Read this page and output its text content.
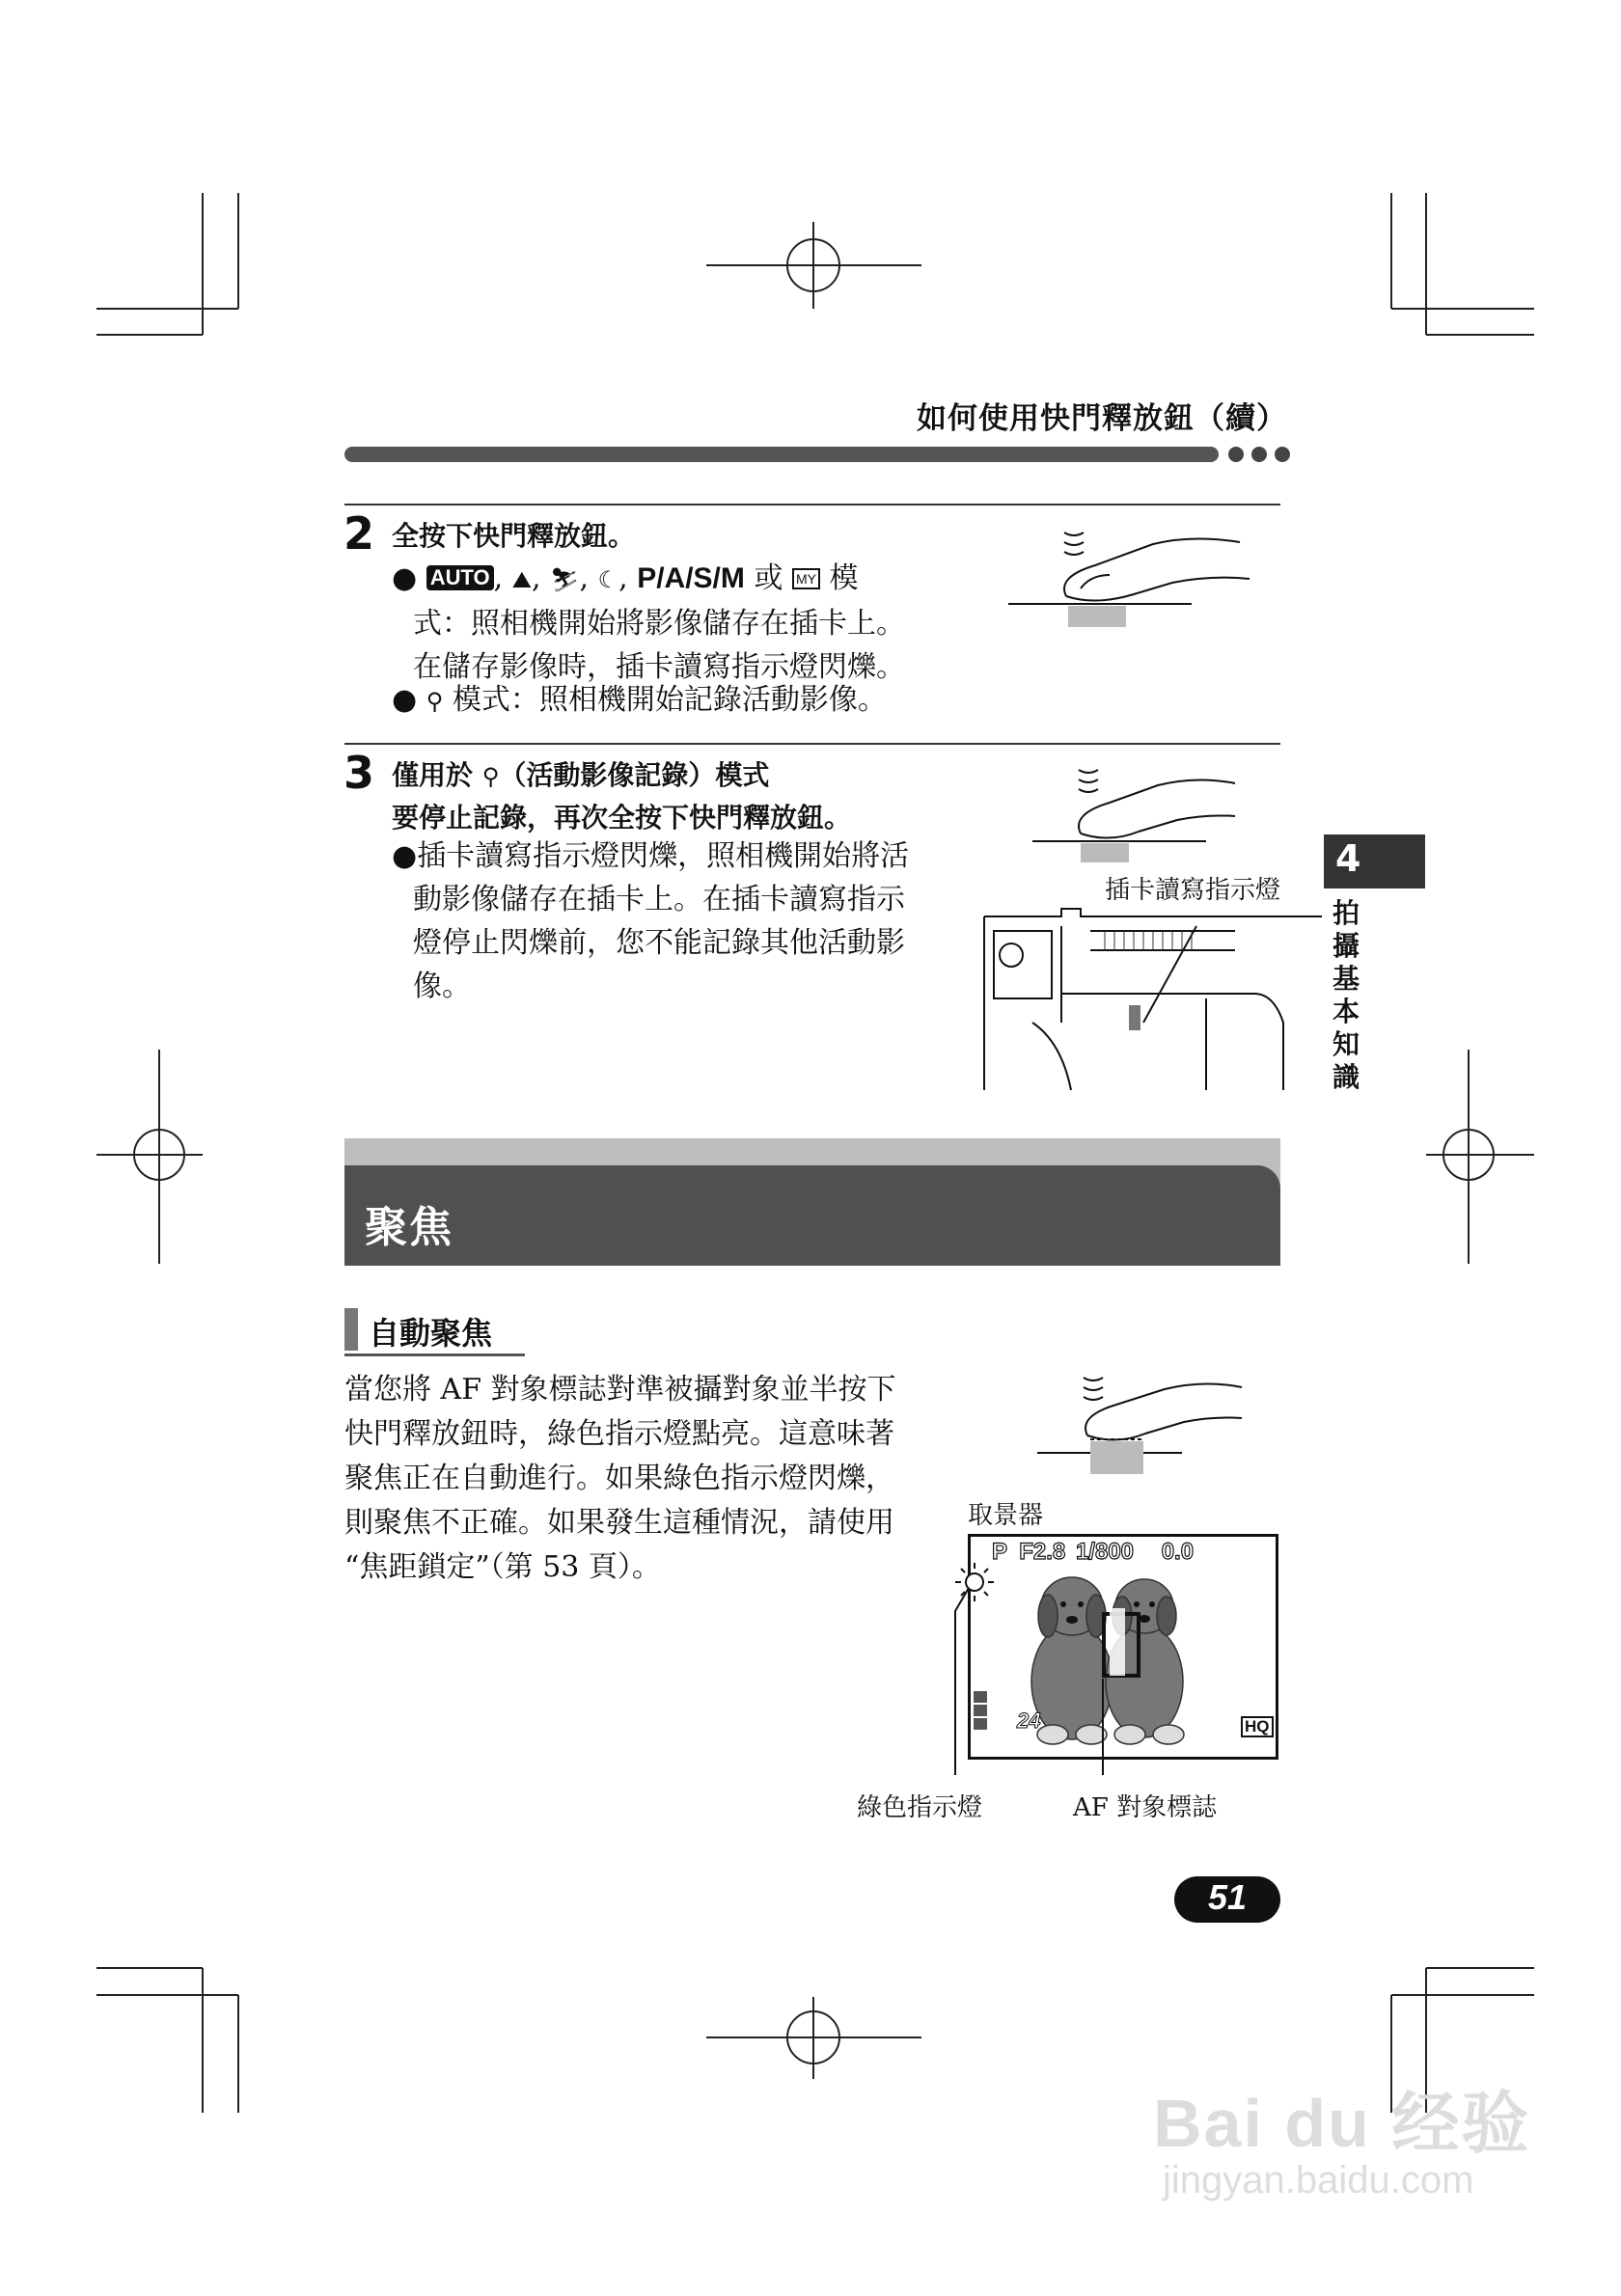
如何使用快門釋放鈕（續）
2 全按下快門釋放鈕。
● AUTO , ⛰, ⛷, ☾, P/A/S/M 或 MY 模
式：照相機開始將影像儲存在插卡上。
在儲存影像時，插卡讀寫指示燈閃爍。
● ⚲ 模式：照相機開始記錄活動影像。
3 僅用於 ⚲（活動影像記錄）模式
要停止記錄，再次全按下快門釋放鈕。
●插卡讀寫指示燈閃爍，照相機開始將活
動影像儲存在插卡上。在插卡讀寫指示
燈停止閃爍前，您不能記錄其他活動影
像。
插卡讀寫指示燈
4
拍
攝
基
本
知
識
聚焦
自動聚焦
當您將 AF 對象標誌對準被攝對象並半按下
快門釋放鈕時，綠色指示燈點亮。這意味著
聚焦正在自動進行。如果綠色指示燈閃爍，
則聚焦不正確。如果發生這種情況，請使用
“焦距鎖定”（第 53 頁）。
取景器
P F2.8 1/800 0.0
24	HQ
綠色指示燈	AF 對象標誌
51
Bai du 经验
jingyan.baidu.com
